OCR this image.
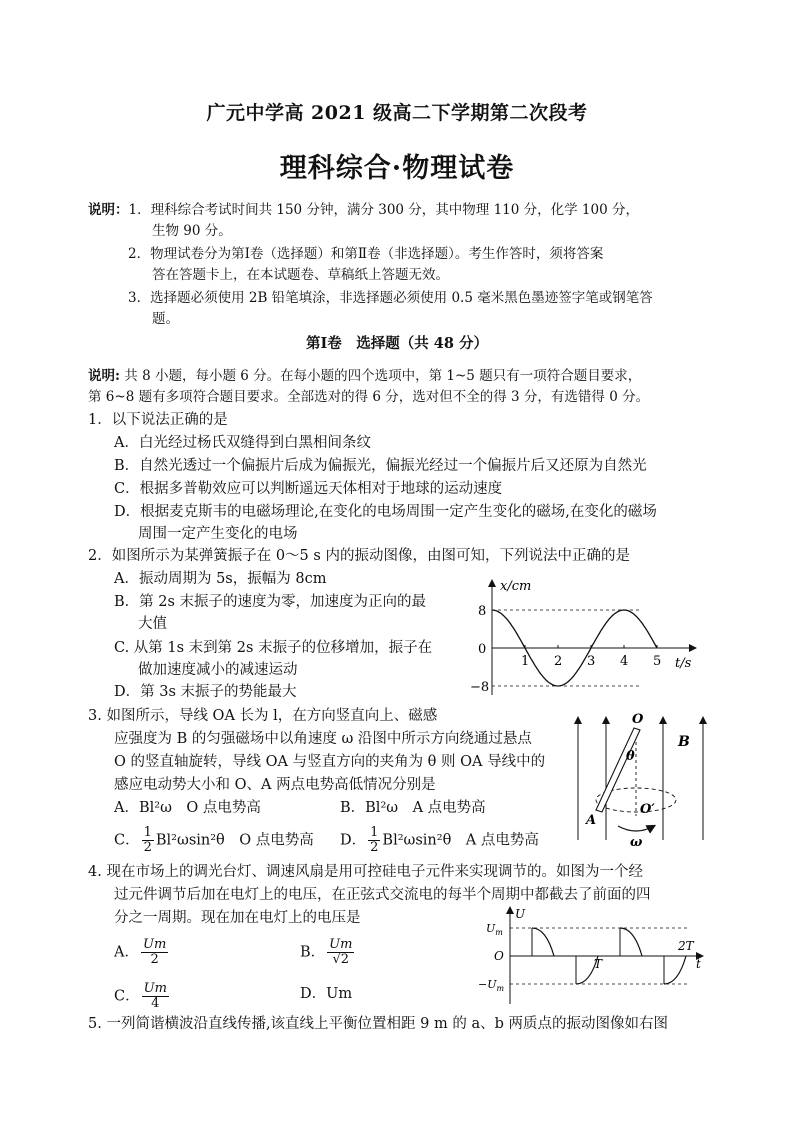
广元中学高 2021 级高二下学期第二次段考
理科综合·物理试卷
说明：1．理科综合考试时间共 150 分钟，满分 300 分，其中物理 110 分，化学 100 分，
生物 90 分。
2．物理试卷分为第Ⅰ卷（选择题）和第Ⅱ卷（非选择题）。考生作答时，须将答案
答在答题卡上，在本试题卷、草稿纸上答题无效。
3．选择题必须使用 2B 铅笔填涂，非选择题必须使用 0.5 毫米黑色墨迹签字笔或钢笔答
题。
第Ⅰ卷　选择题（共 48 分）
说明: 共 8 小题，每小题 6 分。在每小题的四个选项中，第 1~5 题只有一项符合题目要求，
第 6~8 题有多项符合题目要求。全部选对的得 6 分，选对但不全的得 3 分，有选错得 0 分。
1．以下说法正确的是
A．白光经过杨氏双缝得到白黑相间条纹
B．自然光透过一个偏振片后成为偏振光，偏振光经过一个偏振片后又还原为自然光
C．根据多普勒效应可以判断遥远天体相对于地球的运动速度
D．根据麦克斯韦的电磁场理论,在变化的电场周围一定产生变化的磁场,在变化的磁场
周围一定产生变化的电场
2．如图所示为某弹簧振子在 0～5 s 内的振动图像，由图可知，下列说法中正确的是
A．振动周期为 5s，振幅为 8cm
B．第 2s 末振子的速度为零，加速度为正向的最
大值
C. 从第 1s 末到第 2s 末振子的位移增加，振子在
做加速度减小的减速运动
D．第 3s 末振子的势能最大
1 2 3 4 5
8
0
−8
x/cm
t/s
3. 如图所示，导线 OA 长为 l，在方向竖直向上、磁感
应强度为 B 的匀强磁场中以角速度 ω 沿图中所示方向绕通过悬点
O 的竖直轴旋转，导线 OA 与竖直方向的夹角为 θ 则 OA 导线中的
感应电动势大小和 O、A 两点电势高低情况分别是
A．Bl²ω　O 点电势高	B．Bl²ω　A 点电势高
C． $\frac{1}{2} Bl^2\omega\sin^2\theta$　O 点电势高 D． $\frac{1}{2} Bl^2\omega\sin^2\theta$　A 点电势高
O
θ
B
O′
A
ω
4. 现在市场上的调光台灯、调速风扇是用可控硅电子元件来实现调节的。如图为一个经
过元件调节后加在电灯上的电压，在正弦式交流电的每半个周期中都截去了前面的四
分之一周期。现在加在电灯上的电压是
A． $\frac{Um}{2}$	B． $\frac{Um}{√2}$
C． $\frac{Um}{4}$	D．Um
U
$U_m$
O
$-U_m$
T
2T
t
5. 一列简谐横波沿直线传播,该直线上平衡位置相距 9 m 的 a、b 两质点的振动图像如右图
